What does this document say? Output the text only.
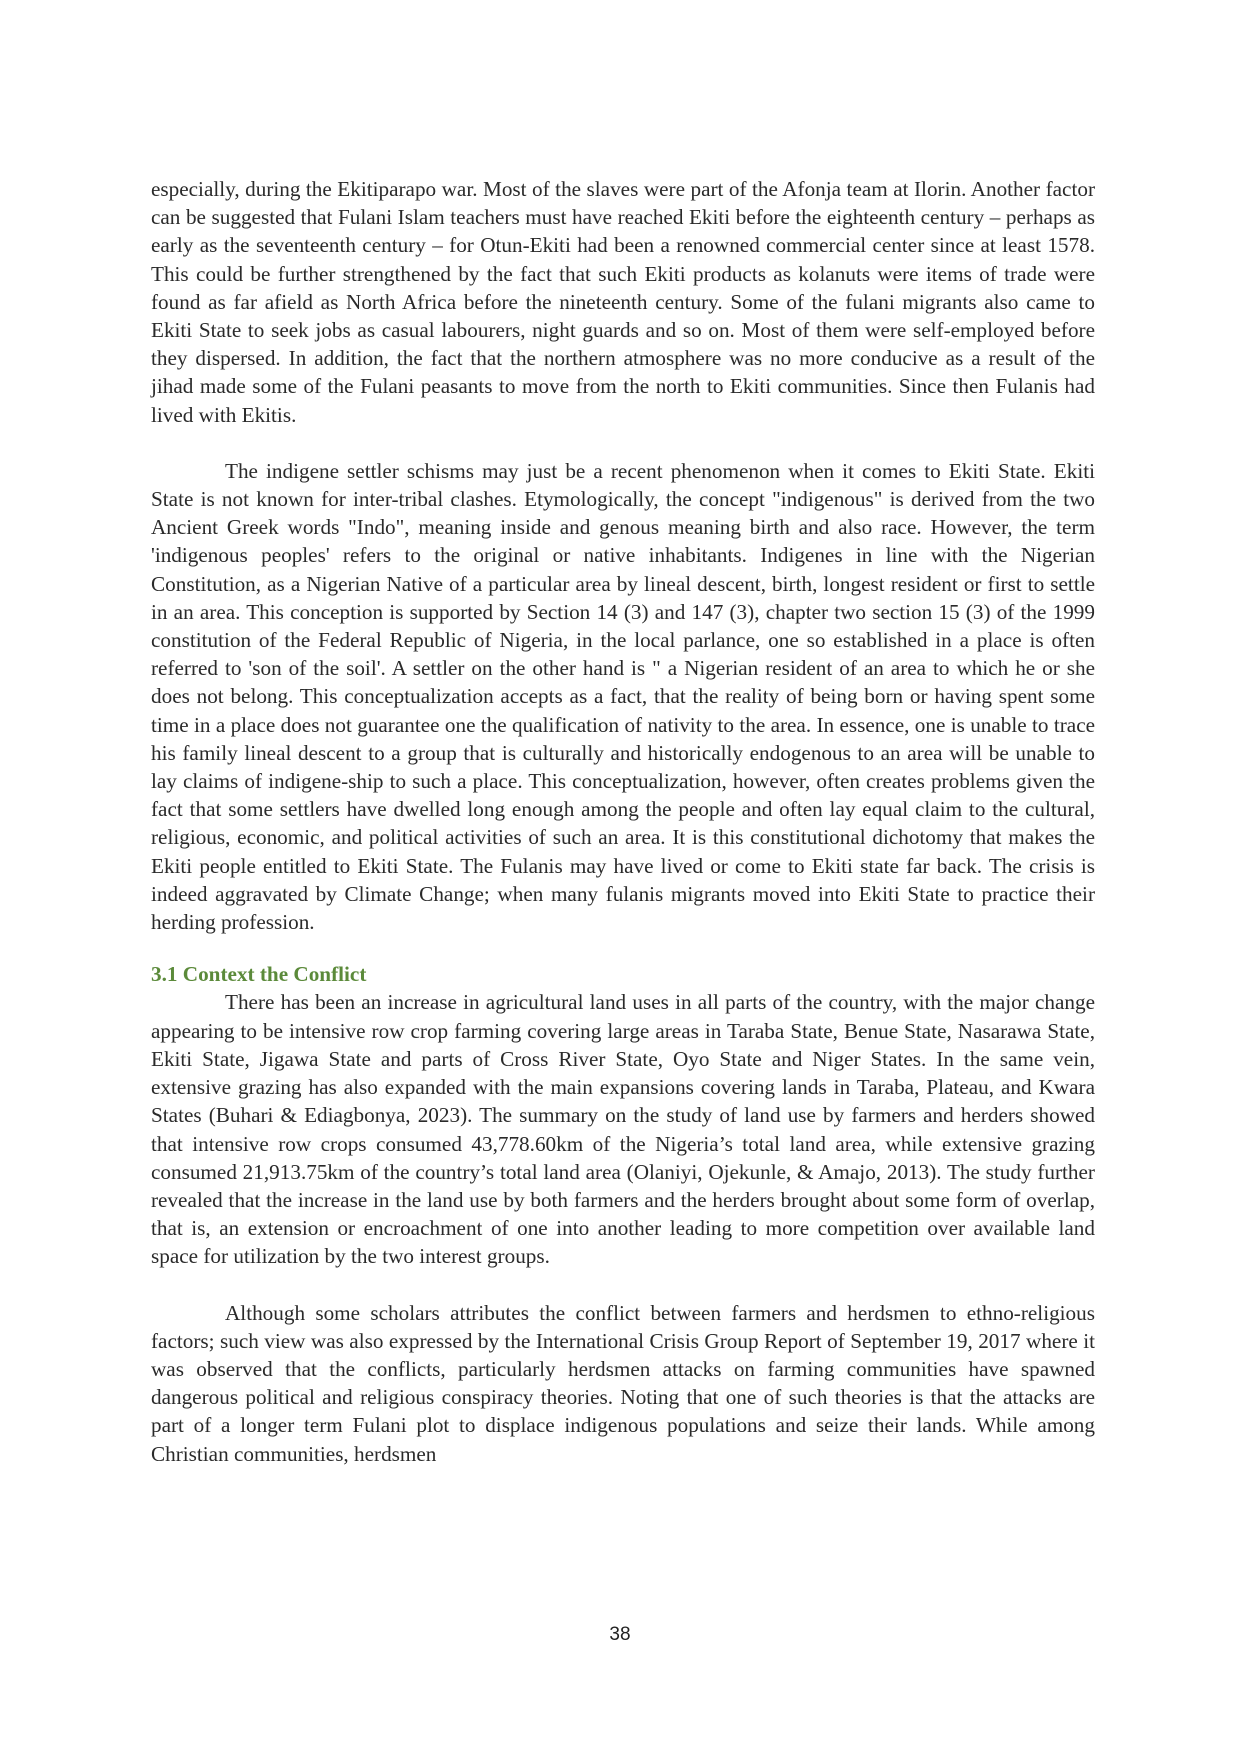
especially, during the Ekitiparapo war. Most of the slaves were part of the Afonja team at Ilorin. Another factor can be suggested that Fulani Islam teachers must have reached Ekiti before the eighteenth century – perhaps as early as the seventeenth century – for Otun-Ekiti had been a renowned commercial center since at least 1578. This could be further strengthened by the fact that such Ekiti products as kolanuts were items of trade were found as far afield as North Africa before the nineteenth century. Some of the fulani migrants also came to Ekiti State to seek jobs as casual labourers, night guards and so on. Most of them were self-employed before they dispersed. In addition, the fact that the northern atmosphere was no more conducive as a result of the jihad made some of the Fulani peasants to move from the north to Ekiti communities. Since then Fulanis had lived with Ekitis.

The indigene settler schisms may just be a recent phenomenon when it comes to Ekiti State. Ekiti State is not known for inter-tribal clashes. Etymologically, the concept "indigenous" is derived from the two Ancient Greek words "Indo", meaning inside and genous meaning birth and also race. However, the term 'indigenous peoples' refers to the original or native inhabitants. Indigenes in line with the Nigerian Constitution, as a Nigerian Native of a particular area by lineal descent, birth, longest resident or first to settle in an area. This conception is supported by Section 14 (3) and 147 (3), chapter two section 15 (3) of the 1999 constitution of the Federal Republic of Nigeria, in the local parlance, one so established in a place is often referred to 'son of the soil'. A settler on the other hand is " a Nigerian resident of an area to which he or she does not belong. This conceptualization accepts as a fact, that the reality of being born or having spent some time in a place does not guarantee one the qualification of nativity to the area. In essence, one is unable to trace his family lineal descent to a group that is culturally and historically endogenous to an area will be unable to lay claims of indigene-ship to such a place. This conceptualization, however, often creates problems given the fact that some settlers have dwelled long enough among the people and often lay equal claim to the cultural, religious, economic, and political activities of such an area. It is this constitutional dichotomy that makes the Ekiti people entitled to Ekiti State. The Fulanis may have lived or come to Ekiti state far back. The crisis is indeed aggravated by Climate Change; when many fulanis migrants moved into Ekiti State to practice their herding profession.

3.1 Context the Conflict

There has been an increase in agricultural land uses in all parts of the country, with the major change appearing to be intensive row crop farming covering large areas in Taraba State, Benue State, Nasarawa State, Ekiti State, Jigawa State and parts of Cross River State, Oyo State and Niger States. In the same vein, extensive grazing has also expanded with the main expansions covering lands in Taraba, Plateau, and Kwara States (Buhari & Ediagbonya, 2023). The summary on the study of land use by farmers and herders showed that intensive row crops consumed 43,778.60km of the Nigeria’s total land area, while extensive grazing consumed 21,913.75km of the country’s total land area (Olaniyi, Ojekunle, & Amajo, 2013). The study further revealed that the increase in the land use by both farmers and the herders brought about some form of overlap, that is, an extension or encroachment of one into another leading to more competition over available land space for utilization by the two interest groups.

Although some scholars attributes the conflict between farmers and herdsmen to ethno-religious factors; such view was also expressed by the International Crisis Group Report of September 19, 2017 where it was observed that the conflicts, particularly herdsmen attacks on farming communities have spawned dangerous political and religious conspiracy theories. Noting that one of such theories is that the attacks are part of a longer term Fulani plot to displace indigenous populations and seize their lands. While among Christian communities, herdsmen

38
